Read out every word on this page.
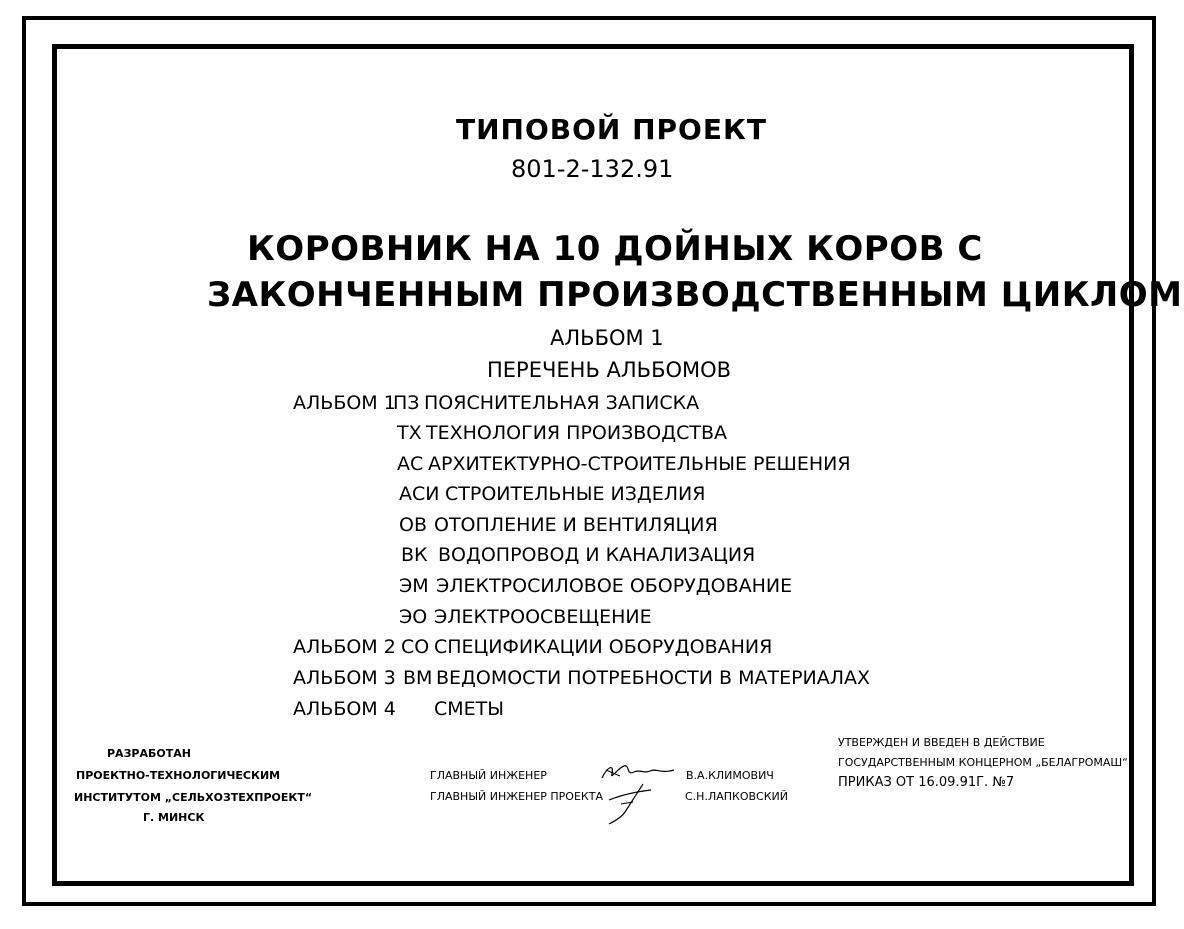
ТИПОВОЙ ПРОЕКТ
801-2-132.91
КОРОВНИК НА 10 ДОЙНЫХ КОРОВ С
ЗАКОНЧЕННЫМ ПРОИЗВОДСТВЕННЫМ ЦИКЛОМ
АЛЬБОМ 1
ПЕРЕЧЕНЬ АЛЬБОМОВ
АЛЬБОМ 1
ПЗ ПОЯСНИТЕЛЬНАЯ ЗАПИСКА
ТХ ТЕХНОЛОГИЯ ПРОИЗВОДСТВА
АС АРХИТЕКТУРНО-СТРОИТЕЛЬНЫЕ РЕШЕНИЯ
АСИ СТРОИТЕЛЬНЫЕ ИЗДЕЛИЯ
ОВ ОТОПЛЕНИЕ И ВЕНТИЛЯЦИЯ
ВК ВОДОПРОВОД И КАНАЛИЗАЦИЯ
ЭМ ЭЛЕКТРОСИЛОВОЕ ОБОРУДОВАНИЕ
ЭО ЭЛЕКТРООСВЕЩЕНИЕ
АЛЬБОМ 2 СО СПЕЦИФИКАЦИИ ОБОРУДОВАНИЯ
АЛЬБОМ 3 ВМ ВЕДОМОСТИ ПОТРЕБНОСТИ В МАТЕРИАЛАХ
АЛЬБОМ 4 СМЕТЫ
РАЗРАБОТАН
ПРОЕКТНО-ТЕХНОЛОГИЧЕСКИМ
ИНСТИТУТОМ „СЕЛЬХОЗТЕХПРОЕКТ“
Г. МИНСК
ГЛАВНЫЙ ИНЖЕНЕР
ГЛАВНЫЙ ИНЖЕНЕР ПРОЕКТА
В.А.КЛИМОВИЧ
С.Н.ЛАПКОВСКИЙ
УТВЕРЖДЕН И ВВЕДЕН В ДЕЙСТВИЕ
ГОСУДАРСТВЕННЫМ КОНЦЕРНОМ „БЕЛАГРОМАШ“
ПРИКАЗ ОТ 16.09.91Г. №7
